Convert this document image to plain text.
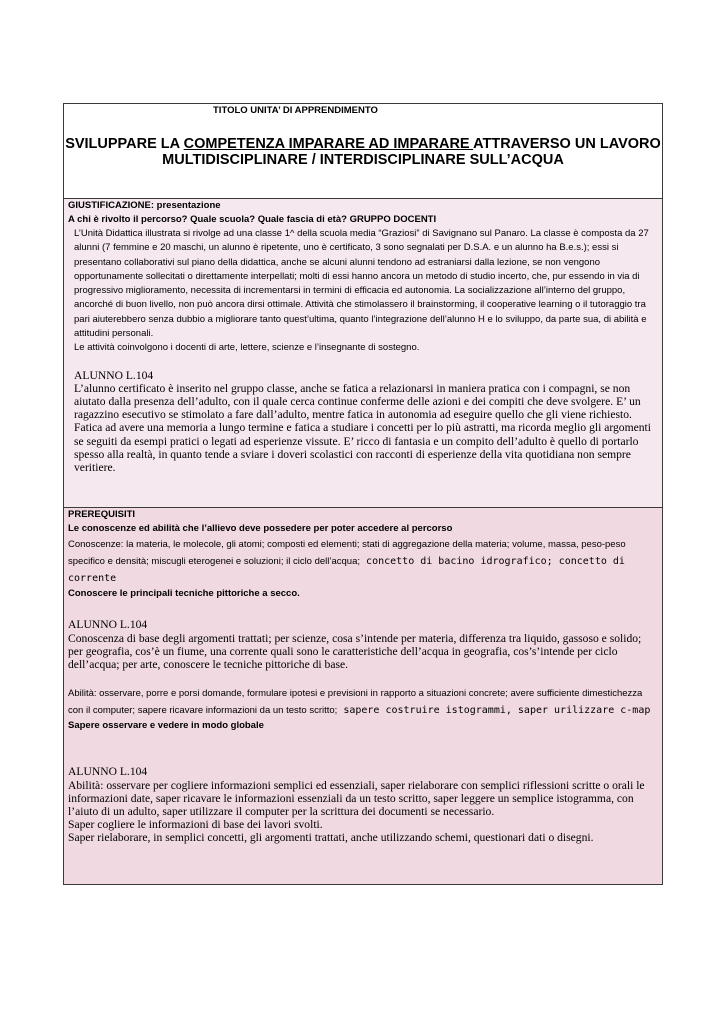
TITOLO UNITA’ DI APPRENDIMENTO
SVILUPPARE LA COMPETENZA IMPARARE AD IMPARARE ATTRAVERSO UN LAVORO MULTIDISCIPLINARE / INTERDISCIPLINARE SULL’ACQUA
GIUSTIFICAZIONE: presentazione
A chi è rivolto il percorso? Quale scuola? Quale fascia di età? GRUPPO DOCENTI
L’Unità Didattica illustrata si rivolge ad una classe 1^ della scuola media “Graziosi” di Savignano sul Panaro. La classe è composta da 27 alunni (7 femmine e 20 maschi, un alunno è ripetente, uno è certificato, 3 sono segnalati per D.S.A. e un alunno ha B.e.s.); essi si presentano collaborativi sul piano della didattica, anche se alcuni alunni tendono ad estraniarsi dalla lezione, se non vengono opportunamente sollecitati o direttamente interpellati; molti di essi hanno ancora un metodo di studio incerto, che, pur essendo in via di progressivo miglioramento, necessita di incrementarsi in termini di efficacia ed autonomia. La socializzazione all’interno del gruppo, ancorché di buon livello, non può ancora dirsi ottimale. Attività che stimolassero il brainstorming, il cooperative learning o il tutoraggio tra pari aiuterebbero senza dubbio a migliorare tanto quest’ultima, quanto l’integrazione dell’alunno H e lo sviluppo, da parte sua, di abilità e attitudini personali.
Le attività coinvolgono i docenti di arte, lettere, scienze e l’insegnante di sostegno.
ALUNNO L.104
L’alunno certificato è inserito nel gruppo classe, anche se fatica a relazionarsi in maniera pratica con i compagni, se non aiutato dalla presenza dell’adulto, con il quale cerca continue conferme delle azioni e dei compiti che deve svolgere. E’ un ragazzino esecutivo se stimolato a fare dall’adulto, mentre fatica in autonomia ad eseguire quello che gli viene richiesto. Fatica ad avere una memoria a lungo termine e fatica a studiare i concetti per lo più astratti, ma ricorda meglio gli argomenti se seguiti da esempi pratici o legati ad esperienze vissute. E’ ricco di fantasia e un compito dell’adulto è quello di portarlo spesso alla realtà, in quanto tende a sviare i doveri scolastici con racconti di esperienze della vita quotidiana non sempre veritiere.
PREREQUISITI
Le conoscenze ed abilità che l’allievo deve possedere per poter accedere al percorso
Conoscenze: la materia, le molecole, gli atomi; composti ed elementi; stati di aggregazione della materia; volume, massa, peso-peso specifico e densità; miscugli eterogenei e soluzioni; il ciclo dell’acqua; concetto di bacino idrografico; concetto di corrente
Conoscere le principali tecniche pittoriche a secco.
ALUNNO L.104
Conoscenza di base degli argomenti trattati; per scienze, cosa s’intende per materia, differenza tra liquido, gassoso e solido; per geografia, cos’è un fiume, una corrente quali sono le caratteristiche dell’acqua in geografia, cos’s’intende per ciclo dell’acqua; per arte, conoscere le tecniche pittoriche di base.
Abilità: osservare, porre e porsi domande, formulare ipotesi e previsioni in rapporto a situazioni concrete; avere sufficiente dimestichezza con il computer; sapere ricavare informazioni da un testo scritto; sapere costruire istogrammi, saper urilizzare c-map
Sapere osservare e vedere in modo globale
ALUNNO L.104
Abilità: osservare per cogliere informazioni semplici ed essenziali, saper rielaborare con semplici riflessioni scritte o orali le informazioni date, saper ricavare le informazioni essenziali da un testo scritto, saper leggere un semplice istogramma, con l’aiuto di un adulto, saper utilizzare il computer per la scrittura dei documenti se necessario.
Saper cogliere le informazioni di base dei lavori svolti.
Saper rielaborare, in semplici concetti, gli argomenti trattati, anche utilizzando schemi, questionari dati o disegni.
